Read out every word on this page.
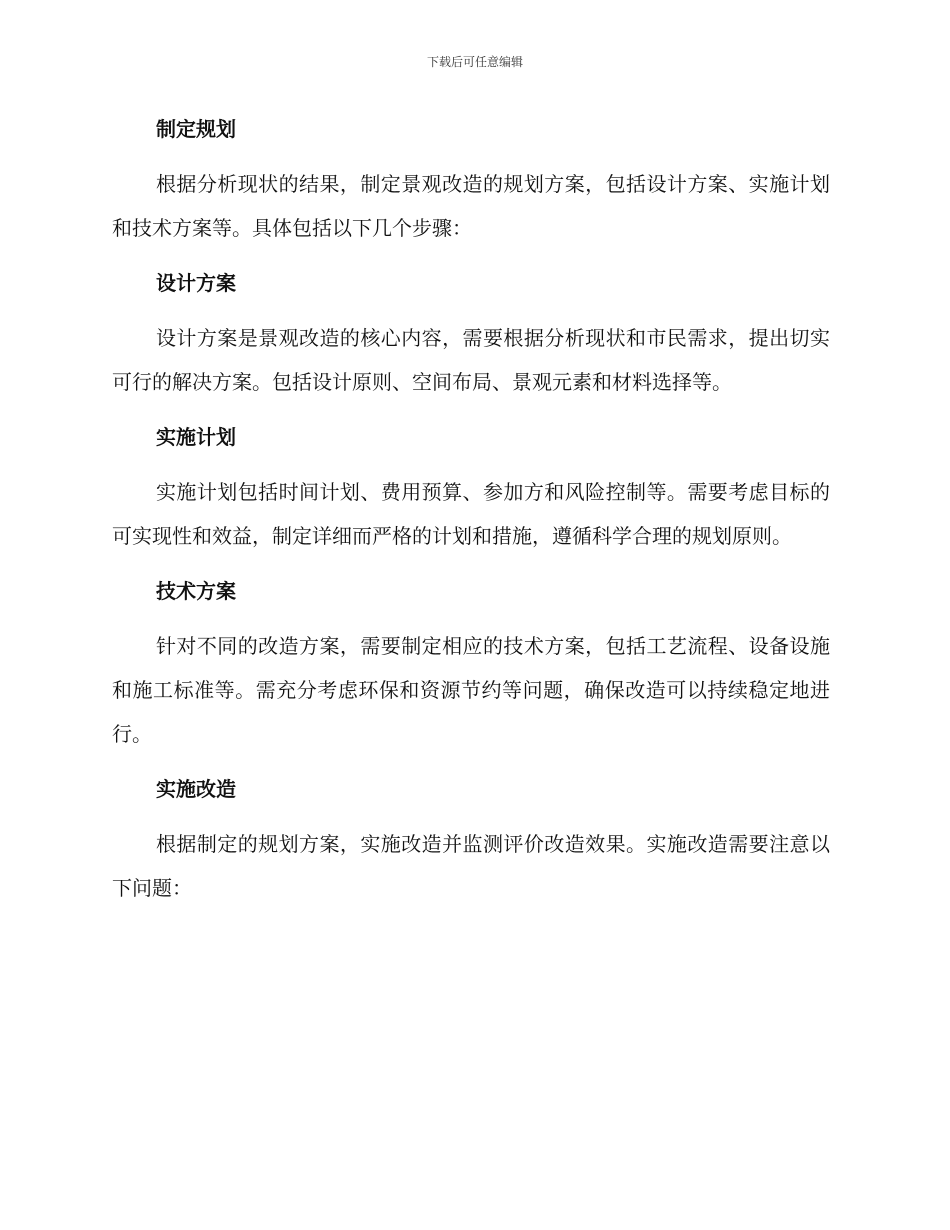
下载后可任意编辑
制定规划

根据分析现状的结果，制定景观改造的规划方案，包括设计方案、实施计划和技术方案等。具体包括以下几个步骤：

设计方案

设计方案是景观改造的核心内容，需要根据分析现状和市民需求，提出切实可行的解决方案。包括设计原则、空间布局、景观元素和材料选择等。

实施计划

实施计划包括时间计划、费用预算、参加方和风险控制等。需要考虑目标的可实现性和效益，制定详细而严格的计划和措施，遵循科学合理的规划原则。

技术方案

针对不同的改造方案，需要制定相应的技术方案，包括工艺流程、设备设施和施工标准等。需充分考虑环保和资源节约等问题，确保改造可以持续稳定地进行。

实施改造

根据制定的规划方案，实施改造并监测评价改造效果。实施改造需要注意以下问题：
